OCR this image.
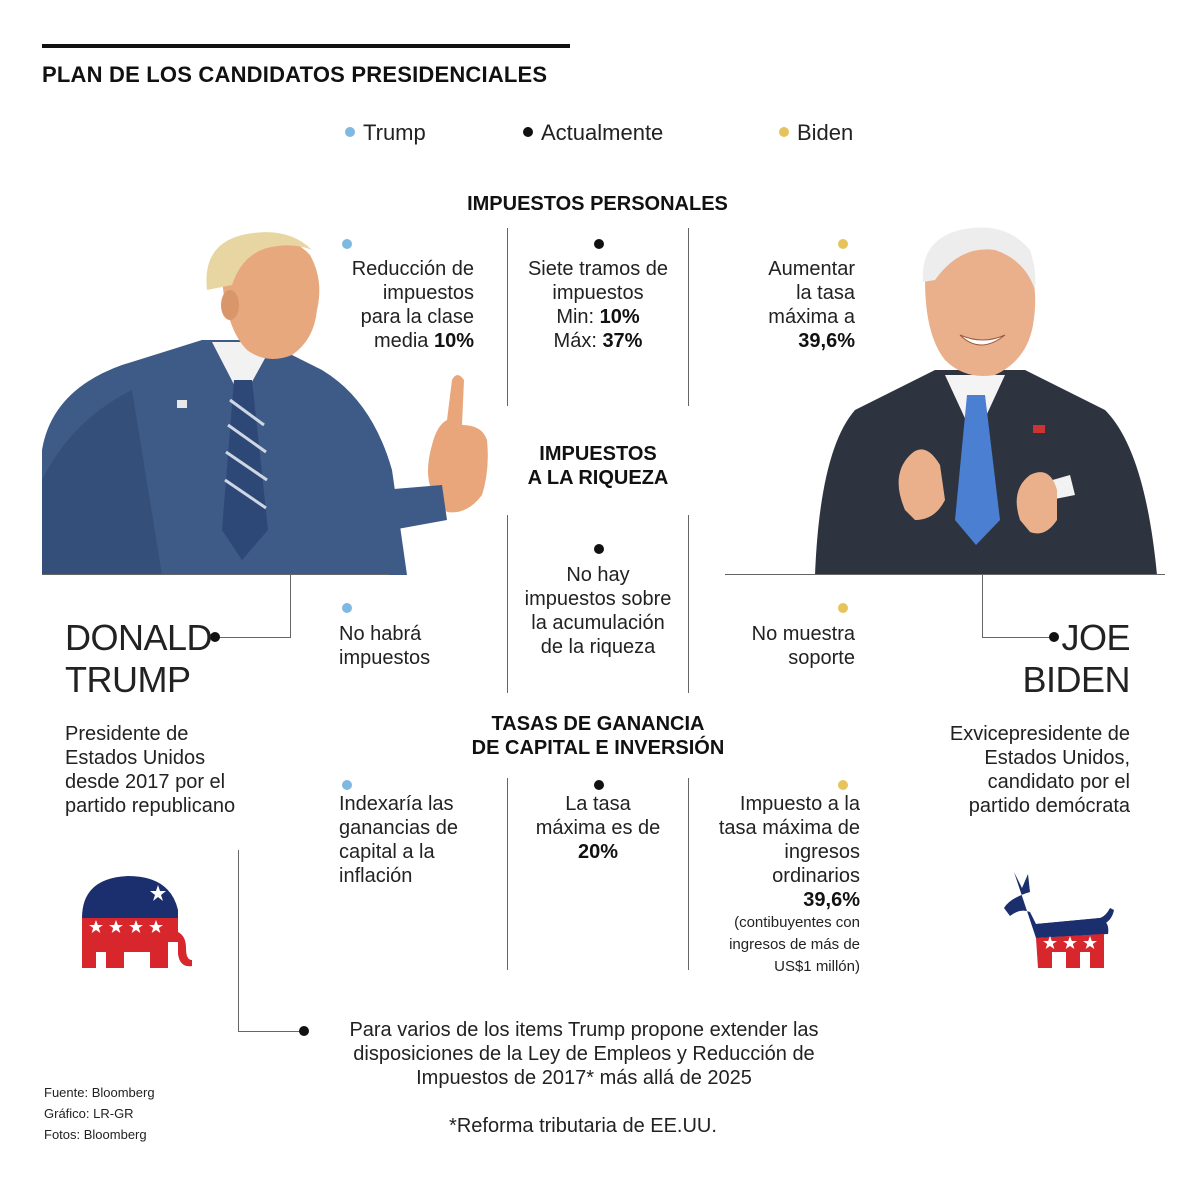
PLAN DE LOS CANDIDATOS PRESIDENCIALES
Trump	Actualmente	Biden
IMPUESTOS PERSONALES
Reducción de
impuestos
para la clase
media 10%
Siete tramos de
impuestos
Min: 10%
Máx: 37%
Aumentar
la tasa
máxima a
39,6%
IMPUESTOS
A LA RIQUEZA
No hay
impuestos sobre
la acumulación
de la riqueza
No habrá
impuestos
No muestra
soporte
TASAS DE GANANCIA
DE CAPITAL E INVERSIÓN
Indexaría las
ganancias de
capital a la
inflación
La tasa
máxima es de
20%
Impuesto a la
tasa máxima de
ingresos
ordinarios
39,6%
(contibuyentes con
ingresos de más de
US$1 millón)
DONALD
TRUMP
JOE
BIDEN
Presidente de
Estados Unidos
desde 2017 por el
partido republicano
Exvicepresidente de
Estados Unidos,
candidato por el
partido demócrata
Para varios de los items Trump propone extender las
disposiciones de la Ley de Empleos y Reducción de
Impuestos de 2017* más allá de 2025
*Reforma tributaria de EE.UU.
Fuente: Bloomberg
Gráfico: LR-GR
Fotos: Bloomberg
